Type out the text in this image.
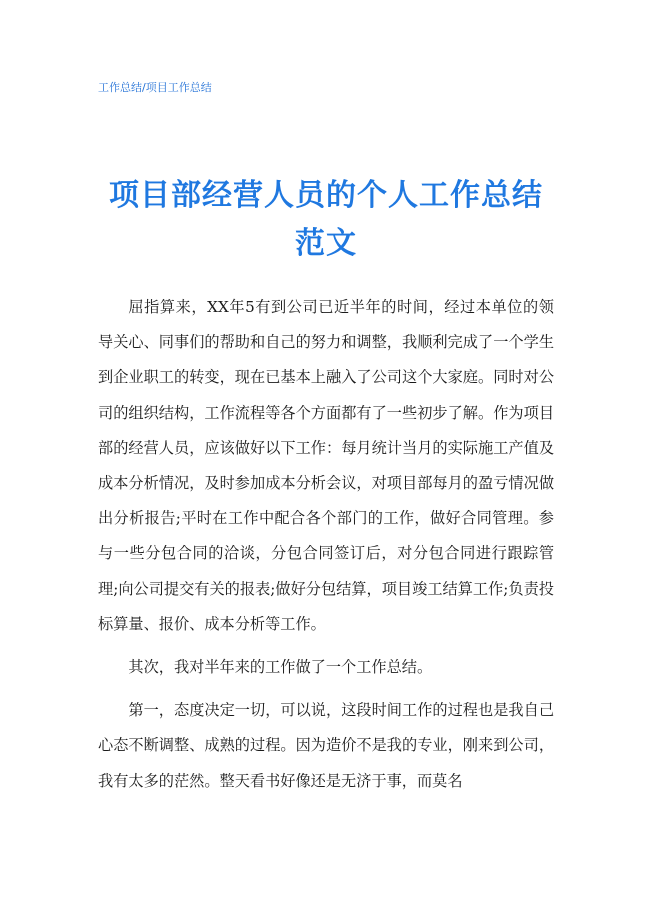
工作总结/项目工作总结
项目部经营人员的个人工作总结范文

屈指算来，XX年5有到公司已近半年的时间，经过本单位的领导关心、同事们的帮助和自己的努力和调整，我顺利完成了一个学生到企业职工的转变，现在已基本上融入了公司这个大家庭。同时对公司的组织结构，工作流程等各个方面都有了一些初步了解。作为项目部的经营人员，应该做好以下工作：每月统计当月的实际施工产值及成本分析情况，及时参加成本分析会议，对项目部每月的盈亏情况做出分析报告;平时在工作中配合各个部门的工作，做好合同管理。参与一些分包合同的洽谈，分包合同签订后，对分包合同进行跟踪管理;向公司提交有关的报表;做好分包结算，项目竣工结算工作;负责投标算量、报价、成本分析等工作。

其次，我对半年来的工作做了一个工作总结。

第一，态度决定一切，可以说，这段时间工作的过程也是我自己心态不断调整、成熟的过程。因为造价不是我的专业，刚来到公司，我有太多的茫然。整天看书好像还是无济于事，而莫名
